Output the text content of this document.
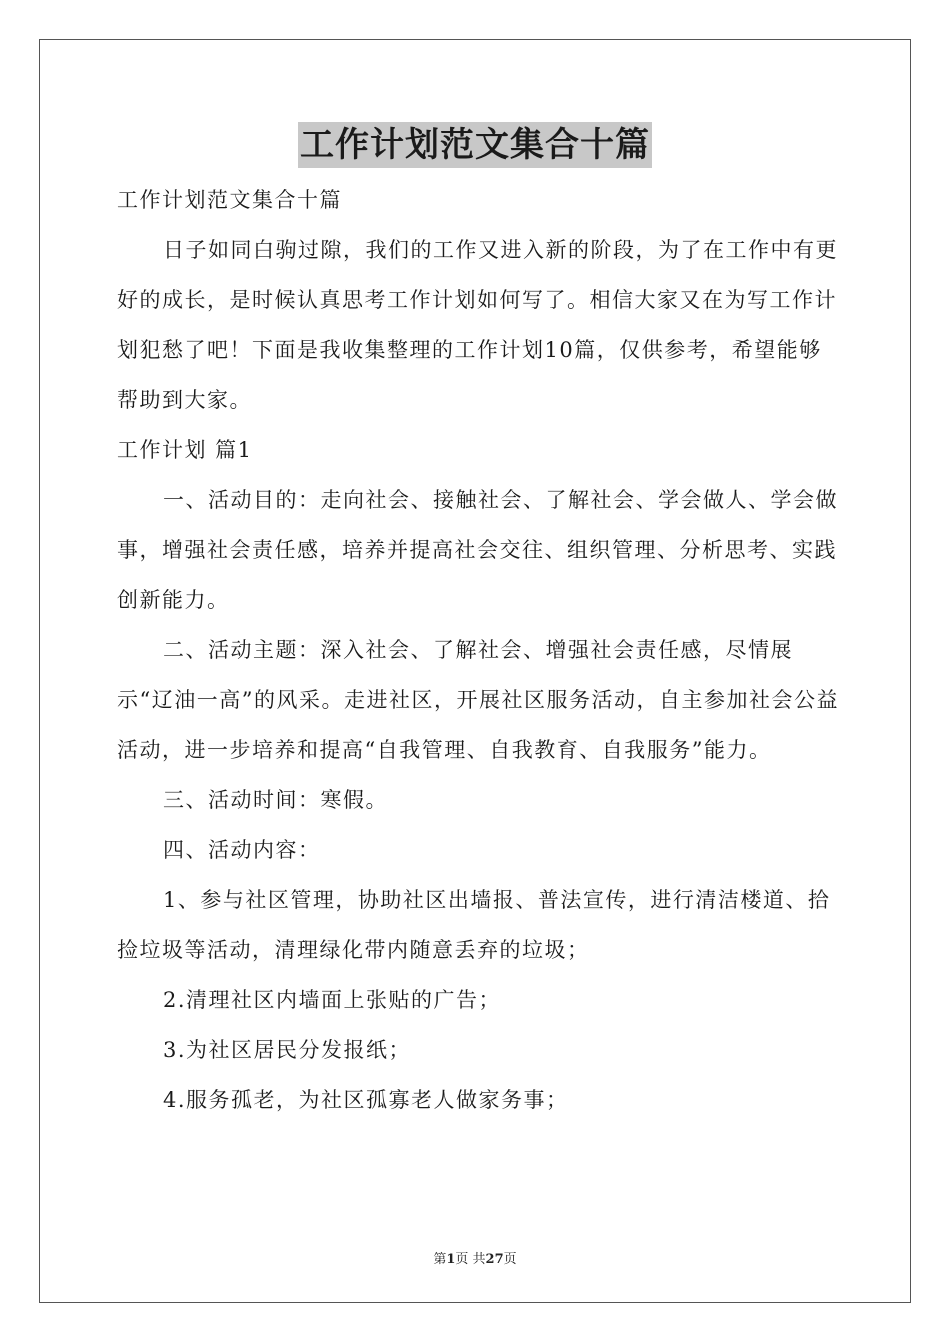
工作计划范文集合十篇

工作计划范文集合十篇

日子如同白驹过隙，我们的工作又进入新的阶段，为了在工作中有更好的成长，是时候认真思考工作计划如何写了。相信大家又在为写工作计划犯愁了吧！下面是我收集整理的工作计划10篇，仅供参考，希望能够帮助到大家。

工作计划 篇1

一、活动目的：走向社会、接触社会、了解社会、学会做人、学会做事，增强社会责任感，培养并提高社会交往、组织管理、分析思考、实践创新能力。

二、活动主题：深入社会、了解社会、增强社会责任感，尽情展示“辽油一高”的风采。走进社区，开展社区服务活动，自主参加社会公益活动，进一步培养和提高“自我管理、自我教育、自我服务”能力。

三、活动时间：寒假。

四、活动内容：

1、参与社区管理，协助社区出墙报、普法宣传，进行清洁楼道、拾捡垃圾等活动，清理绿化带内随意丢弃的垃圾；

2.清理社区内墙面上张贴的广告；

3.为社区居民分发报纸；

4.服务孤老，为社区孤寡老人做家务事；

第1页 共27页
